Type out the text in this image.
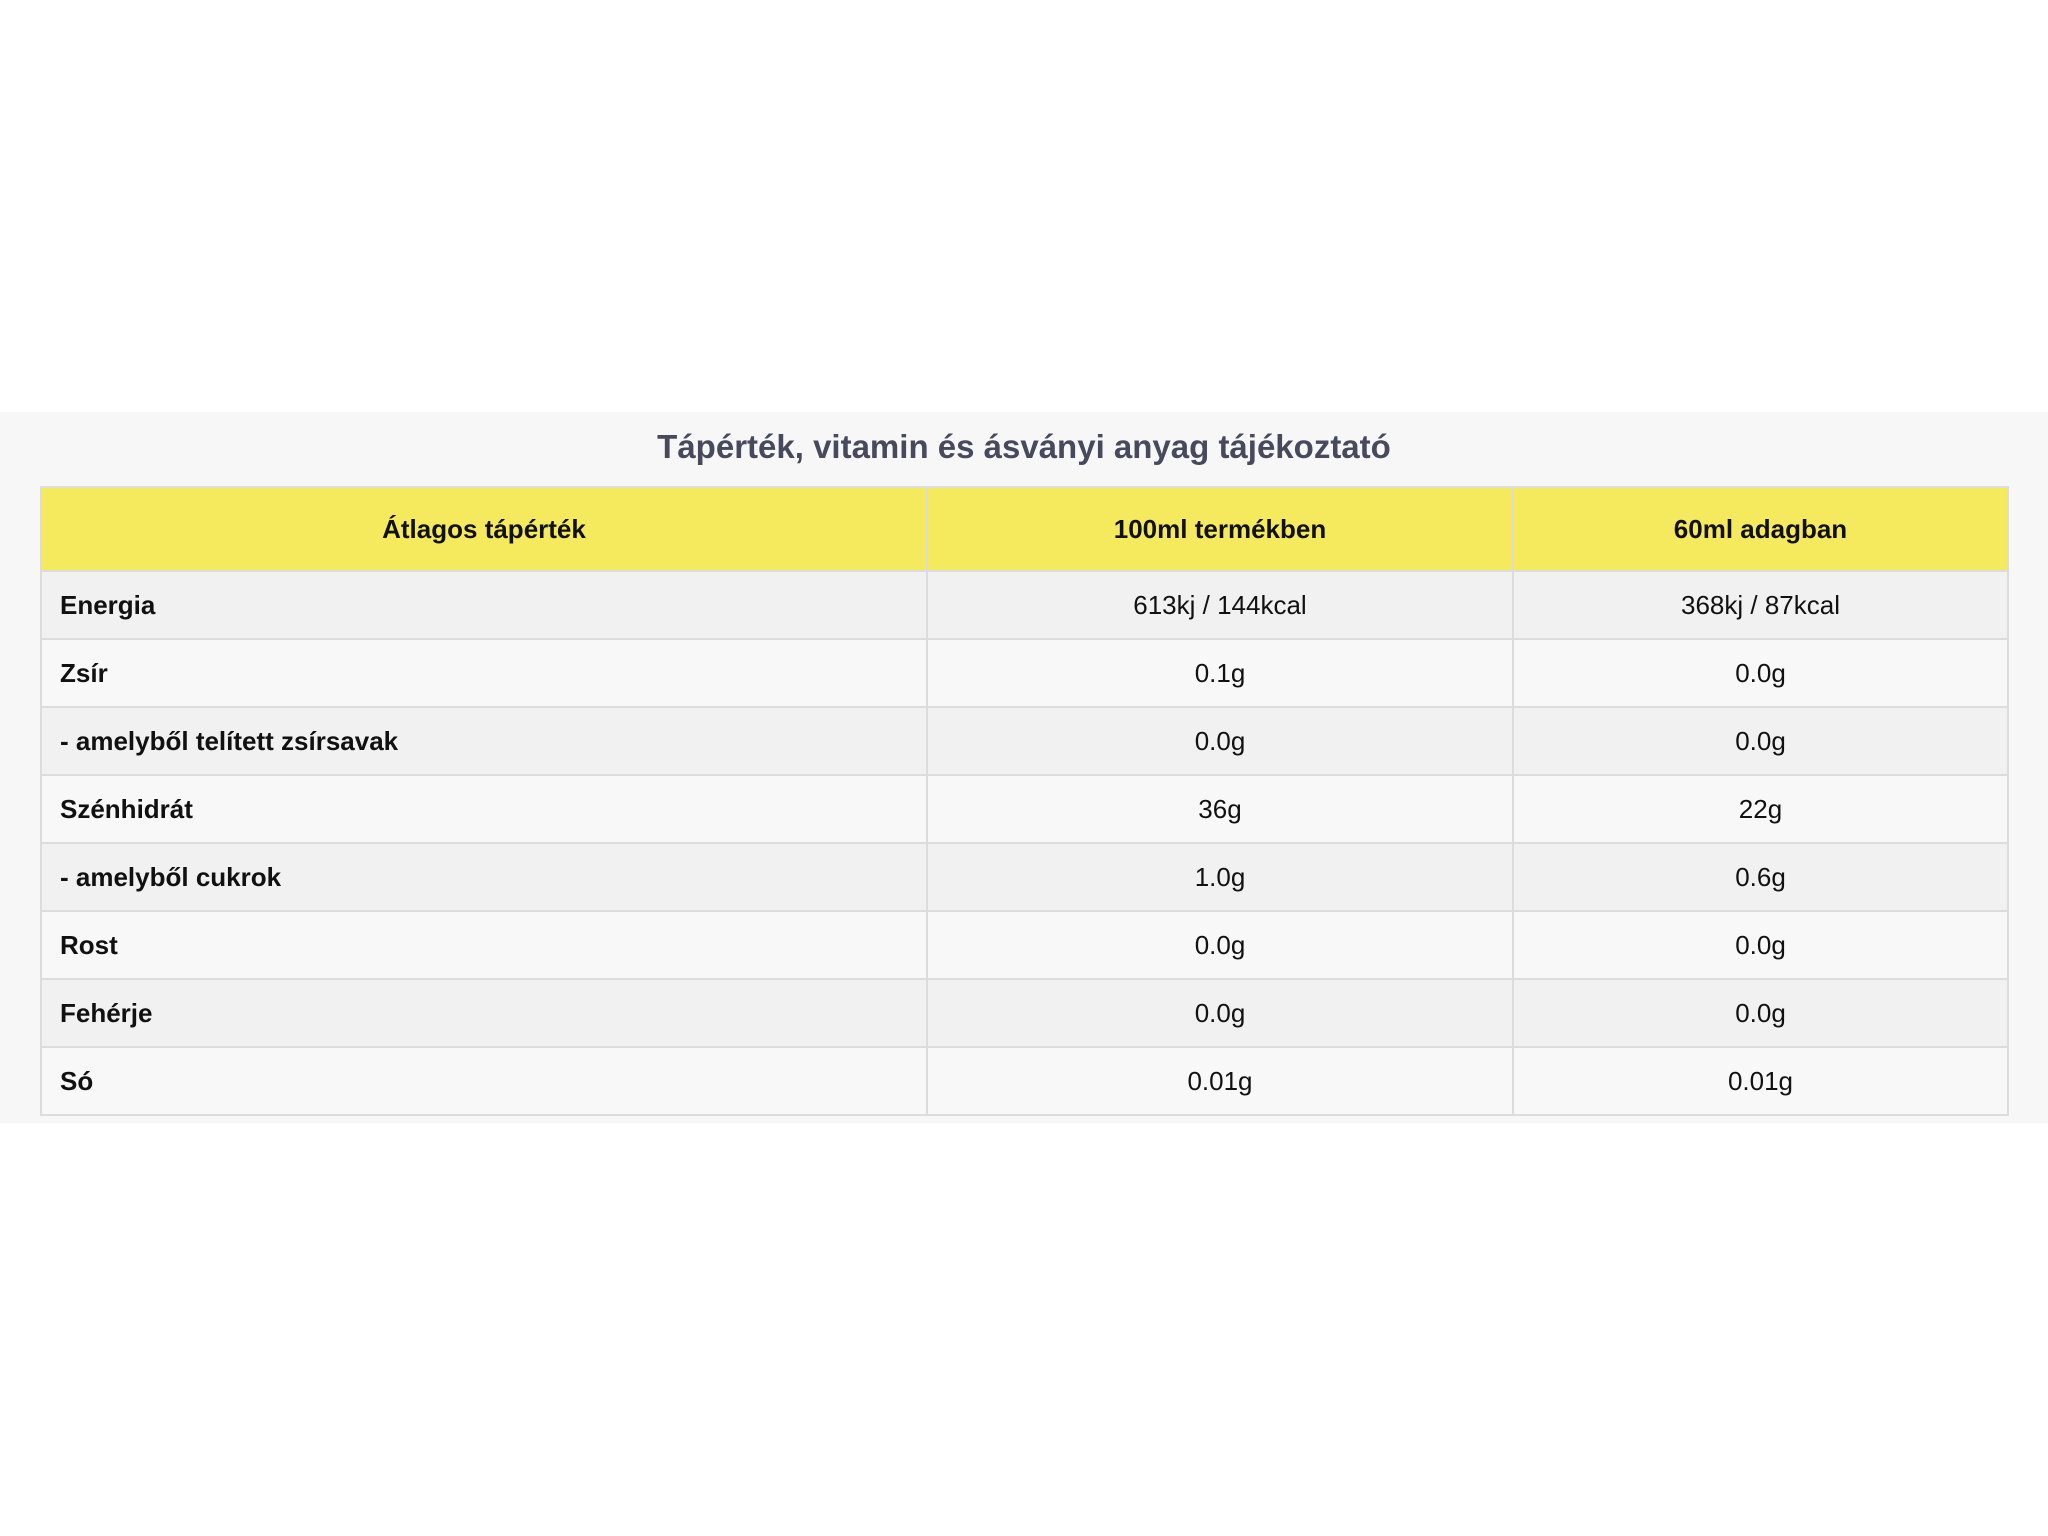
Tápérték, vitamin és ásványi anyag tájékoztató
Átlagos tápérték	100ml termékben	60ml adagban
Energia	613kj / 144kcal	368kj / 87kcal
Zsír	0.1g	0.0g
- amelyből telített zsírsavak	0.0g	0.0g
Szénhidrát	36g	22g
- amelyből cukrok	1.0g	0.6g
Rost	0.0g	0.0g
Fehérje	0.0g	0.0g
Só	0.01g	0.01g
